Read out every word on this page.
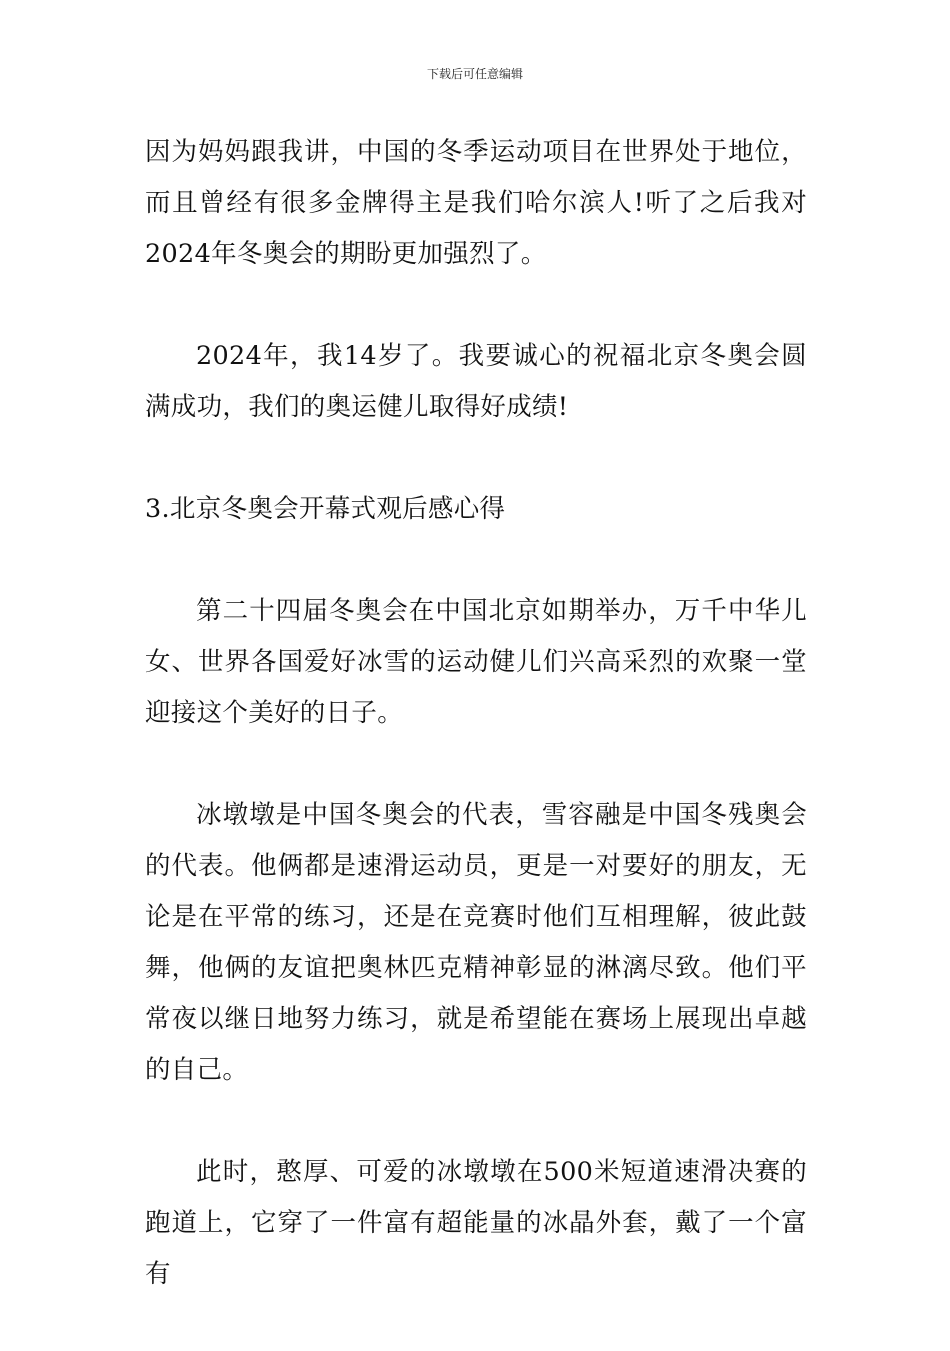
下载后可任意编辑

因为妈妈跟我讲，中国的冬季运动项目在世界处于地位，而且曾经有很多金牌得主是我们哈尔滨人!听了之后我对2024年冬奥会的期盼更加强烈了。

2024年，我14岁了。我要诚心的祝福北京冬奥会圆满成功，我们的奥运健儿取得好成绩!

3.北京冬奥会开幕式观后感心得

第二十四届冬奥会在中国北京如期举办，万千中华儿女、世界各国爱好冰雪的运动健儿们兴高采烈的欢聚一堂迎接这个美好的日子。

冰墩墩是中国冬奥会的代表，雪容融是中国冬残奥会的代表。他俩都是速滑运动员，更是一对要好的朋友，无论是在平常的练习，还是在竞赛时他们互相理解，彼此鼓舞，他俩的友谊把奥林匹克精神彰显的淋漓尽致。他们平常夜以继日地努力练习，就是希望能在赛场上展现出卓越的自己。

此时，憨厚、可爱的冰墩墩在500米短道速滑决赛的跑道上，它穿了一件富有超能量的冰晶外套，戴了一个富有
